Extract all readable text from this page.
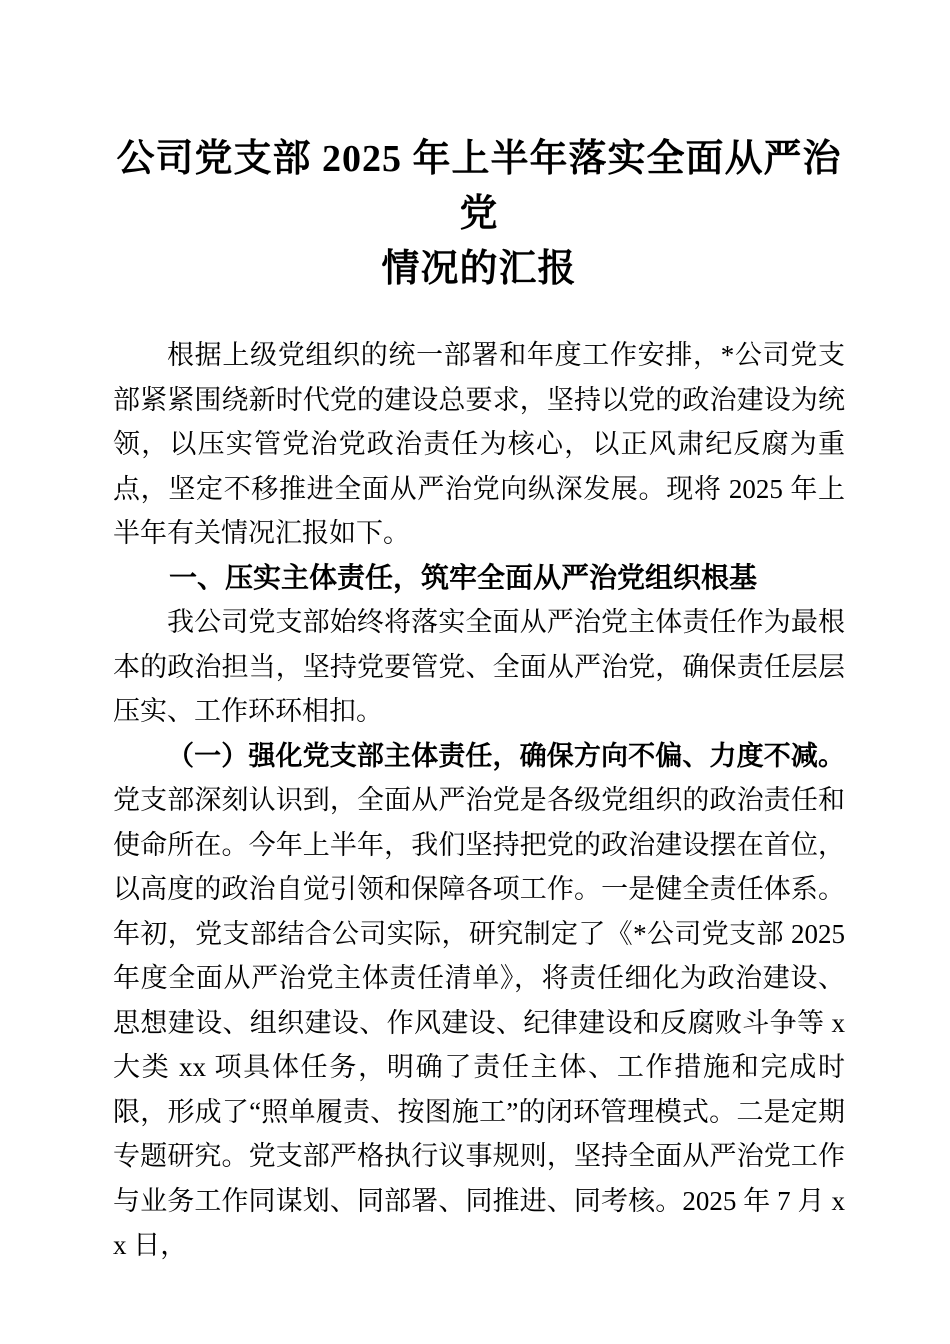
公司党支部 2025 年上半年落实全面从严治党
情况的汇报

根据上级党组织的统一部署和年度工作安排，*公司党支部紧紧围绕新时代党的建设总要求，坚持以党的政治建设为统领，以压实管党治党政治责任为核心，以正风肃纪反腐为重点，坚定不移推进全面从严治党向纵深发展。现将 2025 年上半年有关情况汇报如下。

一、压实主体责任，筑牢全面从严治党组织根基

我公司党支部始终将落实全面从严治党主体责任作为最根本的政治担当，坚持党要管党、全面从严治党，确保责任层层压实、工作环环相扣。

（一）强化党支部主体责任，确保方向不偏、力度不减。党支部深刻认识到，全面从严治党是各级党组织的政治责任和使命所在。今年上半年，我们坚持把党的政治建设摆在首位，以高度的政治自觉引领和保障各项工作。一是健全责任体系。年初，党支部结合公司实际，研究制定了《*公司党支部 2025 年度全面从严治党主体责任清单》，将责任细化为政治建设、思想建设、组织建设、作风建设、纪律建设和反腐败斗争等 x 大类 xx 项具体任务，明确了责任主体、工作措施和完成时限，形成了“照单履责、按图施工”的闭环管理模式。二是定期专题研究。党支部严格执行议事规则，坚持全面从严治党工作与业务工作同谋划、同部署、同推进、同考核。2025 年 7 月 xx 日，
